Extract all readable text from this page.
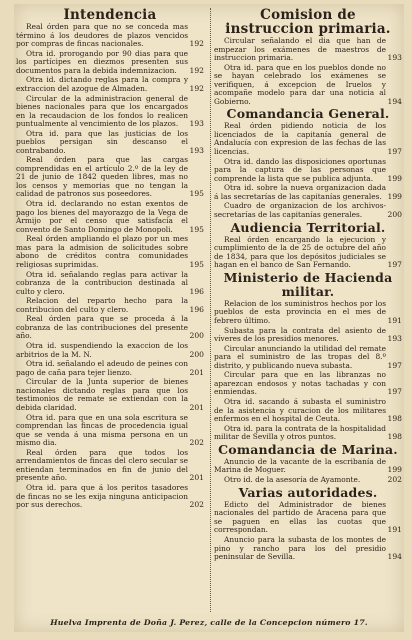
Intendencia
Real órden para que no se conceda mas término á los deudores de plazos vencidos por compras de fincas nacionales.	192
Otra id. prorogando por 90 dias para que los partícipes en diezmos presenten sus documentos para la debida indemnizacion. 192
Otra id. dictando reglas para la compra y extraccion del azogue de Almaden.	192
Circular de la administracion general de bienes nacionales para que los encargados en la recaudacion de los fondos lo realicen puntualmente al vencimiento de los plazos. 193
Otra id. para que las justicias de los pueblos persigan sin descanso el contrabando.	193
Real órden para que las cargas comprendidas en el artículo 2.º de la ley de 21 de junio de 1842 queden libres, mas no los censos y memorias que no tengan la calidad de patronos sus poseedores.	195
Otra id. declarando no estan exentos de pago los bienes del mayorazgo de la Vega de Armijo por el censo que satisfacía el convento de Santo Domingo de Monopoli. 195
Real órden ampliando el plazo por un mes mas para la admision de solicitudes sobre abono de créditos contra comunidades religiosas suprimidas.	195
Otra id. señalando reglas para activar la cobranza de la contribucion destinada al culto y clero.	196
Relacion del reparto hecho para la contribucion del culto y clero.	196
Real órden para que se proceda á la cobranza de las contribuciones del presente año.	200
Otra id. suspendiendo la exaccion de los arbitrios de la M. N.	200
Otra id. señalando el adeudo de peines con pago de caña para tejer lienzo.	201
Circular de la Junta superior de bienes nacionales dictando reglas para que los testimonios de remate se extiendan con la debida claridad.	201
Otra id. para que en una sola escritura se comprendan las fincas de procedencia igual que se venda á una misma persona en un mismo dia.	202
Real órden para que todos los arrendamientos de fincas del clero secular se entiendan terminados en fin de junio del presente año.	201
Otra id. para que á los peritos tasadores de fincas no se les exija ninguna anticipacion por sus derechos.	202
Comision de instruccion primaria.
Circular señalando el dia que han de empezar los exámenes de maestros de instruccion primaria.	193
Otra id. para que en los pueblos donde no se hayan celebrado los exámenes se verifiquen, á excepcion de Iruelos y acompañe modelo para dar una noticia al Gobierno.	194
Comandancia General.
Real órden pidiendo noticia de los licenciados de la capitanía general de Andalucía con expresion de las fechas de las licencias.	197
Otra id. dando las disposiciones oportunas para la captura de las personas que comprende la lista que se publica adjunta. 199
Otra id. sobre la nueva organizacion dada á las secretarías de las capitanías generales. 199
Cuadro de organizacion de los archivos-secretarías de las capitanías generales.	200
Audiencia Territorial.
Real órden encargando la ejecucion y cumplimiento de la de 25 de octubre del año de 1834, para que los depósitos judiciales se hagan en el banco de San Fernando.	197
Ministerio de Hacienda militar.
Relacion de los suministros hechos por los pueblos de esta provincia en el mes de febrero último.	191
Subasta para la contrata del asiento de víveres de los presidios menores.	193
Circular anunciando la utilidad del remate para el suministro de las tropas del 8.º distrito, y publicando nueva subasta.	197
Circular para que en las libranzas no aparezcan endosos y notas tachadas y con enmiendas.	197
Otra id. sacando á subasta el suministro de la asistencia y curacion de los militares enfermos en el hospital de Ceuta.	198
Otra id. para la contrata de la hospitalidad militar de Sevilla y otros puntos.	198
Comandancia de Marina.
Anuncio de la vacante de la escribanía de Marina de Moguer.	199
Otro id. de la asesoría de Ayamonte.	202
Varias autoridades.
Edicto del Administrador de bienes nacionales del partido de Aracena para que se paguen en ellas las cuotas que correspondan.	191
Anuncio para la subasta de los montes de pino y rancho para los del presidio peninsular de Sevilla.	194
Huelva Imprenta de Doña J. Perez, calle de la Concepcion número 17.
